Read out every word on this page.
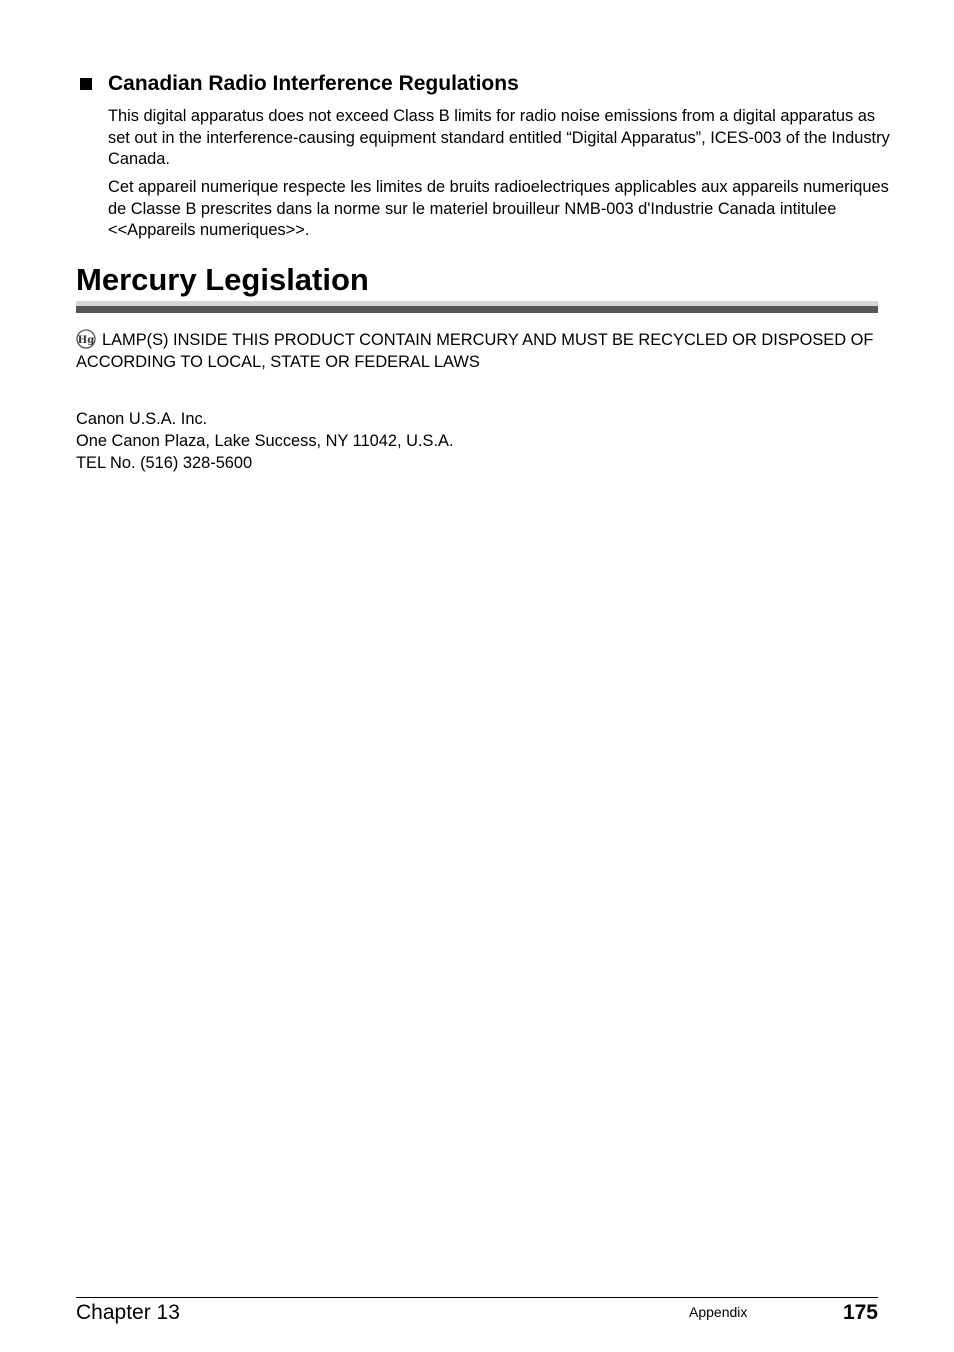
Canadian Radio Interference Regulations

This digital apparatus does not exceed Class B limits for radio noise emissions from a digital apparatus as set out in the interference-causing equipment standard entitled “Digital Apparatus”, ICES-003 of the Industry Canada.

Cet appareil numerique respecte les limites de bruits radioelectriques applicables aux appareils numeriques de Classe B prescrites dans la norme sur le materiel brouilleur NMB-003 d'Industrie Canada intitulee <<Appareils numeriques>>.

Mercury Legislation

Hg LAMP(S) INSIDE THIS PRODUCT CONTAIN MERCURY AND MUST BE RECYCLED OR DISPOSED OF ACCORDING TO LOCAL, STATE OR FEDERAL LAWS

Canon U.S.A. Inc.
One Canon Plaza, Lake Success, NY 11042, U.S.A.
TEL No. (516) 328-5600
Chapter 13	Appendix	175
